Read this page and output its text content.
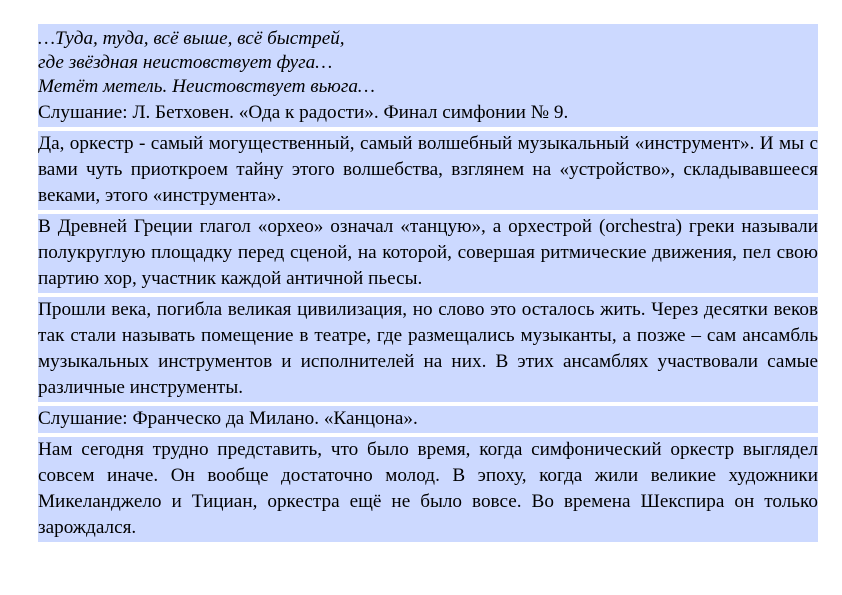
…Туда, туда, всё выше, всё быстрей,
где звёздная неистовствует фуга…
Метёт метель. Неистовствует вьюга…

Слушание: Л. Бетховен. «Ода к радости». Финал симфонии № 9.

Да, оркестр - самый могущественный, самый волшебный музыкальный «инструмент». И мы с вами чуть приоткроем тайну этого волшебства, взглянем на «устройство», складывавшееся веками, этого «инструмента».

В Древней Греции глагол «орхео» означал «танцую», а орхестрой (orchestra) греки называли полукруглую площадку перед сценой, на которой, совершая ритмические движения, пел свою партию хор, участник каждой античной пьесы.

Прошли века, погибла великая цивилизация, но слово это осталось жить. Через десятки веков так стали называть помещение в театре, где размещались музыканты, а позже – сам ансамбль музыкальных инструментов и исполнителей на них. В этих ансамблях участвовали самые различные инструменты.

Слушание: Франческо да Милано. «Канцона».

Нам сегодня трудно представить, что было время, когда симфонический оркестр выглядел совсем иначе. Он вообще достаточно молод. В эпоху, когда жили великие художники Микеланджело и Тициан, оркестра ещё не было вовсе. Во времена Шекспира он только зарождался.
